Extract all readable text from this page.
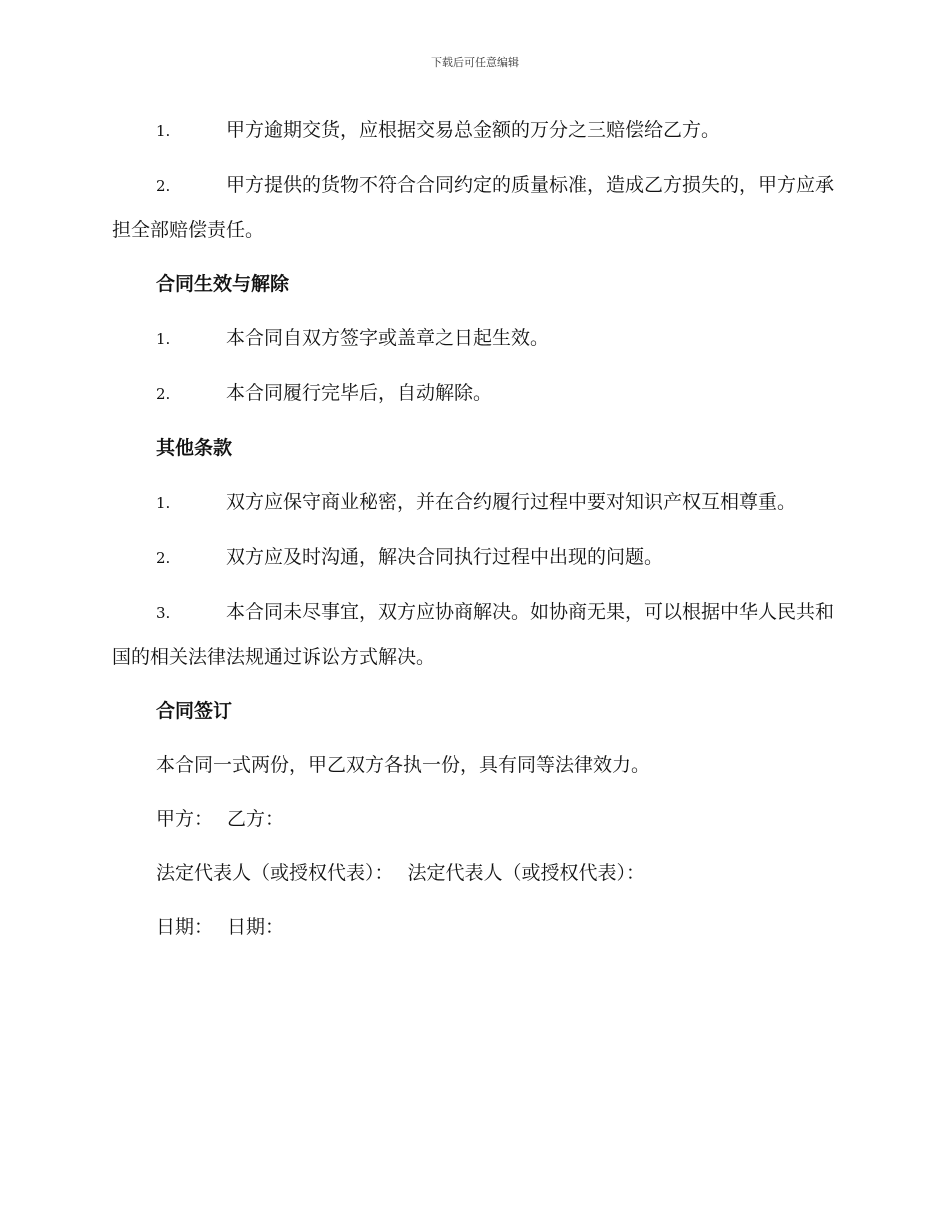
下载后可任意编辑
1.	甲方逾期交货，应根据交易总金额的万分之三赔偿给乙方。
2.	甲方提供的货物不符合合同约定的质量标准，造成乙方损失的，甲方应承担全部赔偿责任。
合同生效与解除
1.	本合同自双方签字或盖章之日起生效。
2.	本合同履行完毕后，自动解除。
其他条款
1.	双方应保守商业秘密，并在合约履行过程中要对知识产权互相尊重。
2.	双方应及时沟通，解决合同执行过程中出现的问题。
3.	本合同未尽事宜，双方应协商解决。如协商无果，可以根据中华人民共和国的相关法律法规通过诉讼方式解决。
合同签订
本合同一式两份，甲乙双方各执一份，具有同等法律效力。
甲方： 乙方：
法定代表人（或授权代表）： 法定代表人（或授权代表）：
日期： 日期：
